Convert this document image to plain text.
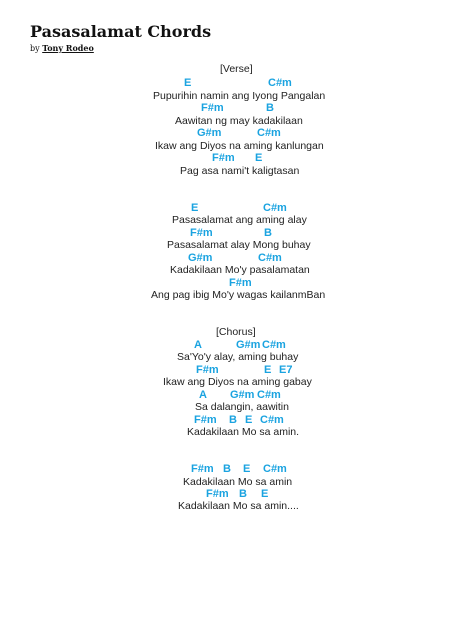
Pasasalamat Chords
by Tony Rodeo
[Verse]
E	C#m
Pupurihin namin ang Iyong Pangalan
F#m	B
Aawitan ng may kadakilaan
G#m	C#m
Ikaw ang Diyos na aming kanlungan
F#m E
Pag asa nami't kaligtasan
E	C#m
Pasasalamat ang aming alay
F#m	B
Pasasalamat alay Mong buhay
G#m	C#m
Kadakilaan Mo'y pasalamatan
F#m
Ang pag ibig Mo'y wagas kailanmBan
[Chorus]
A	G#m C#m
Sa'Yo'y alay, aming buhay
F#m	E E7
Ikaw ang Diyos na aming gabay
A G#m C#m
Sa dalangin, aawitin
F#m B E C#m
Kadakilaan Mo sa amin.
F#m B E C#m
Kadakilaan Mo sa amin
F#m B E
Kadakilaan Mo sa amin....
